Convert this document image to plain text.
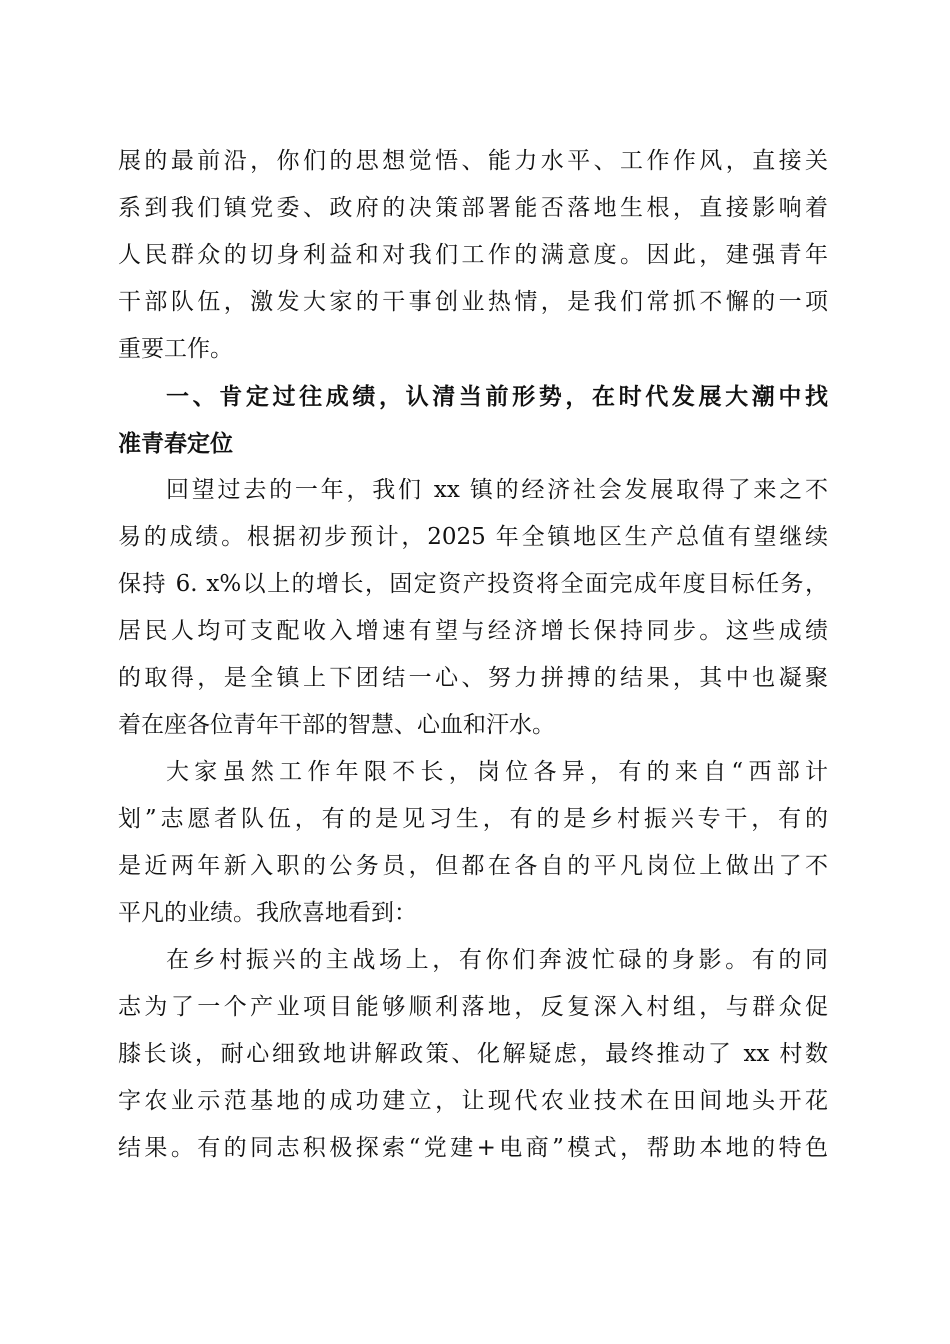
展的最前沿，你们的思想觉悟、能力水平、工作作风，直接关
系到我们镇党委、政府的决策部署能否落地生根，直接影响着
人民群众的切身利益和对我们工作的满意度。因此，建强青年
干部队伍，激发大家的干事创业热情，是我们常抓不懈的一项
重要工作。
一、肯定过往成绩，认清当前形势，在时代发展大潮中找
准青春定位
回望过去的一年，我们 xx 镇的经济社会发展取得了来之不
易的成绩。根据初步预计，2025 年全镇地区生产总值有望继续
保持 6. x%以上的增长，固定资产投资将全面完成年度目标任务，
居民人均可支配收入增速有望与经济增长保持同步。这些成绩
的取得，是全镇上下团结一心、努力拼搏的结果，其中也凝聚
着在座各位青年干部的智慧、心血和汗水。
大家虽然工作年限不长，岗位各异，有的来自“西部计
划”志愿者队伍，有的是见习生，有的是乡村振兴专干，有的
是近两年新入职的公务员，但都在各自的平凡岗位上做出了不
平凡的业绩。我欣喜地看到：
在乡村振兴的主战场上，有你们奔波忙碌的身影。有的同
志为了一个产业项目能够顺利落地，反复深入村组，与群众促
膝长谈，耐心细致地讲解政策、化解疑虑，最终推动了 xx 村数
字农业示范基地的成功建立，让现代农业技术在田间地头开花
结果。有的同志积极探索“党建+电商”模式，帮助本地的特色
